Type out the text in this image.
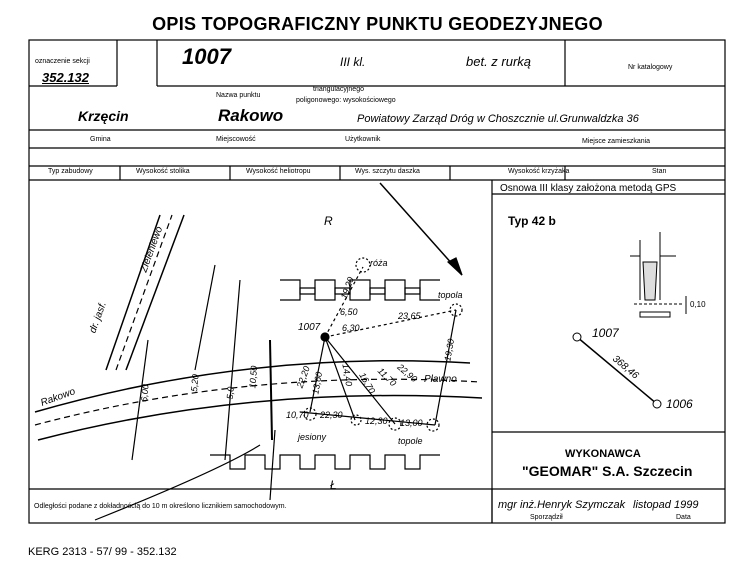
OPIS TOPOGRAFICZNY PUNKTU GEODEZYJNEGO
oznaczenie sekcji
352.132
1007	III kl.	bet. z rurką	Nr katalogowy
Nazwa punktu
triangulacyjnego
poligonowego: wysokościowego
Krzęcin	Rakowo	Powiatowy Zarząd Dróg w Choszcznie ul.Grunwaldzka 36
Gmina	Miejscowość	Użytkownik	Miejsce zamieszkania
Typ zabudowy	Wysokość stolika	Wysokość heliotropu	Wys. szczytu daszka	Wysokość krzyżaka	Stan
Osnowa III klasy założona metodą GPS
Typ 42 b
0,10
1007
1006
368,46
R
Ł
Rakowo
Zieleniewo
dr. jasf.
Pławno
róża
topola
topole
jesiony
1007
6,50
6,30
23,65
19,30
10,70 22,30
12,30 13,00
22,20
13,60 14,40 16,70
11,70
22,90
6,00
5,20	10,50
5,0
19,20
Odległości podane z dokładnością do 10 m określono licznikiem samochodowym.
WYKONAWCA
"GEOMAR" S.A. Szczecin
mgr inż.Henryk Szymczak
Sporządził
listopad 1999
Data
KERG 2313 - 57/ 99 - 352.132
